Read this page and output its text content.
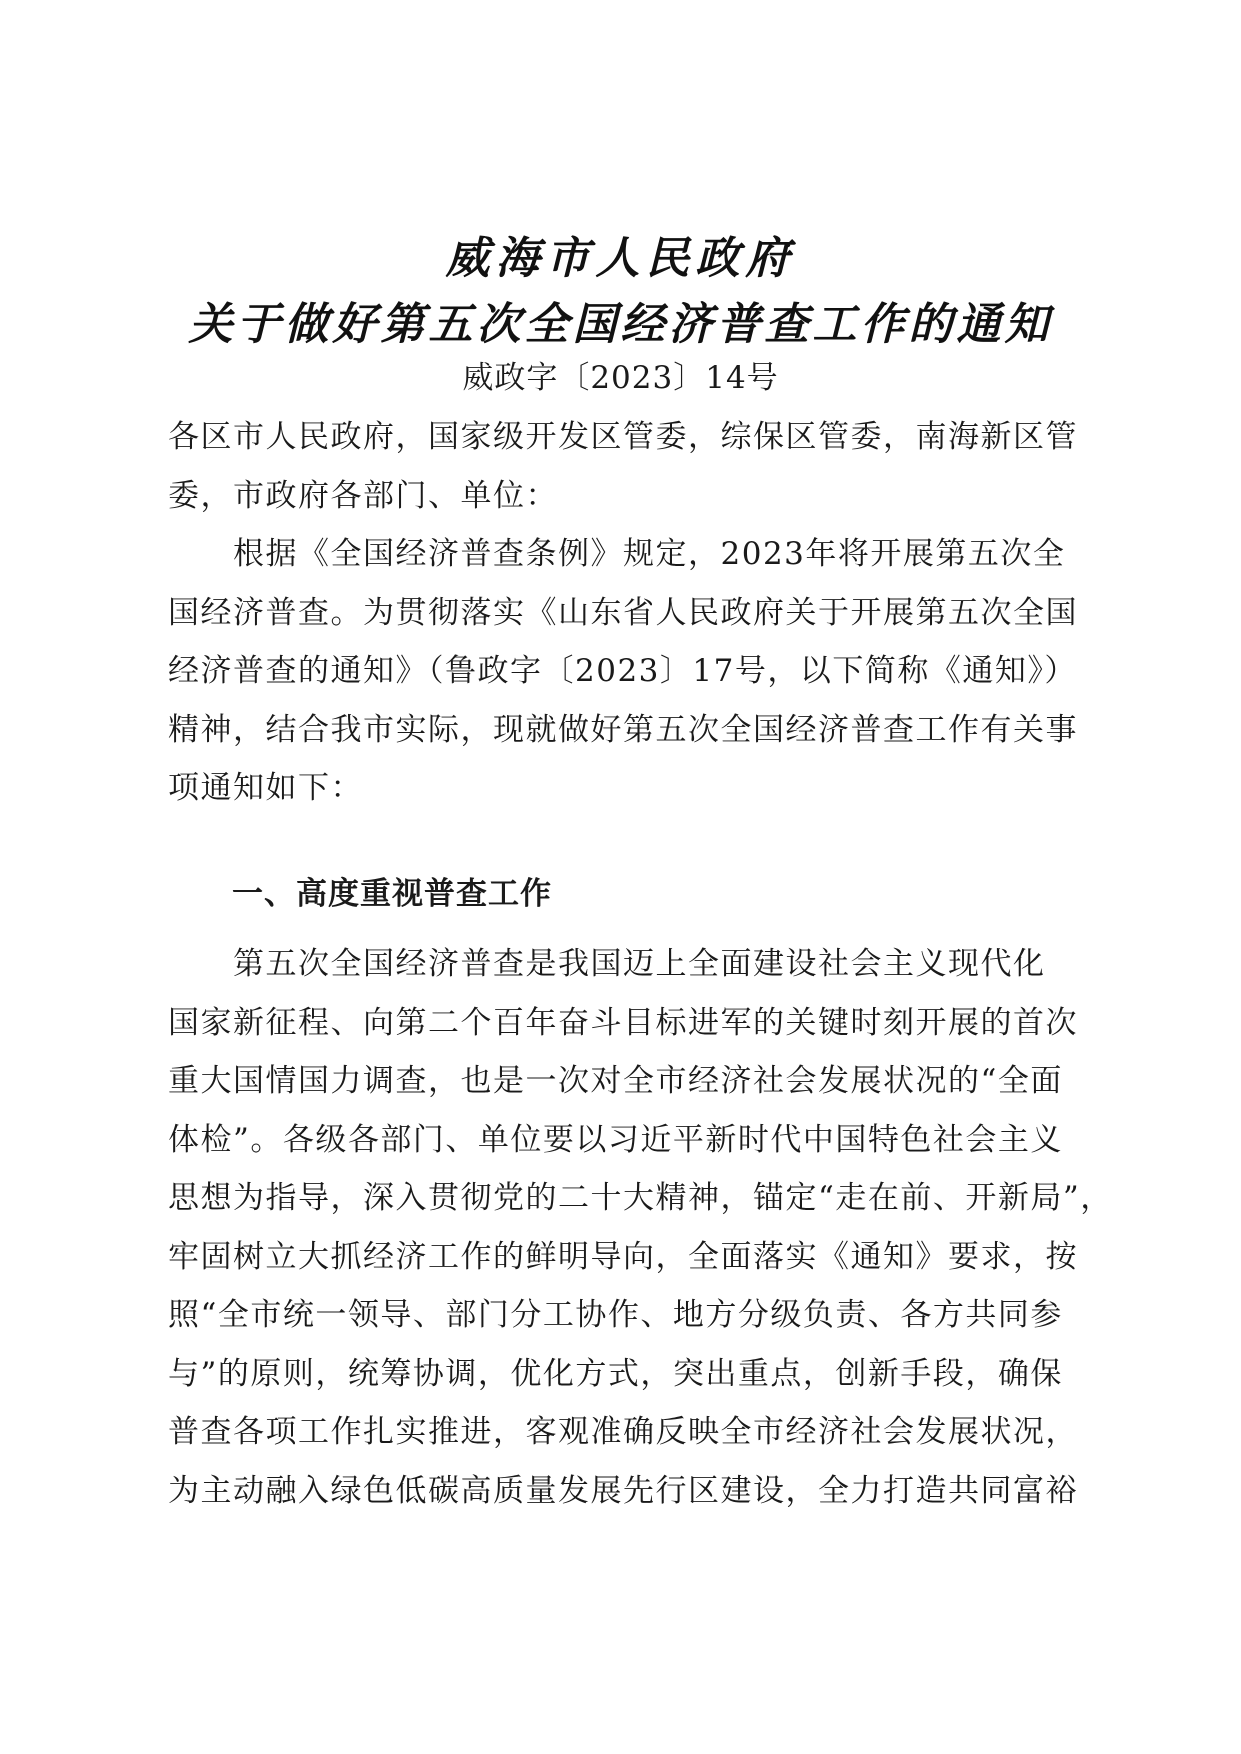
威海市人民政府
关于做好第五次全国经济普查工作的通知
威政字〔2023〕14号
各区市人民政府，国家级开发区管委，综保区管委，南海新区管
委，市政府各部门、单位：
　　根据《全国经济普查条例》规定，2023年将开展第五次全
国经济普查。为贯彻落实《山东省人民政府关于开展第五次全国
经济普查的通知》（鲁政字〔2023〕17号，以下简称《通知》）
精神，结合我市实际，现就做好第五次全国经济普查工作有关事
项通知如下：
一、高度重视普查工作
　　第五次全国经济普查是我国迈上全面建设社会主义现代化
国家新征程、向第二个百年奋斗目标进军的关键时刻开展的首次
重大国情国力调查，也是一次对全市经济社会发展状况的“全面
体检”。各级各部门、单位要以习近平新时代中国特色社会主义
思想为指导，深入贯彻党的二十大精神，锚定“走在前、开新局”，
牢固树立大抓经济工作的鲜明导向，全面落实《通知》要求，按
照“全市统一领导、部门分工协作、地方分级负责、各方共同参
与”的原则，统筹协调，优化方式，突出重点，创新手段，确保
普查各项工作扎实推进，客观准确反映全市经济社会发展状况，
为主动融入绿色低碳高质量发展先行区建设，全力打造共同富裕
